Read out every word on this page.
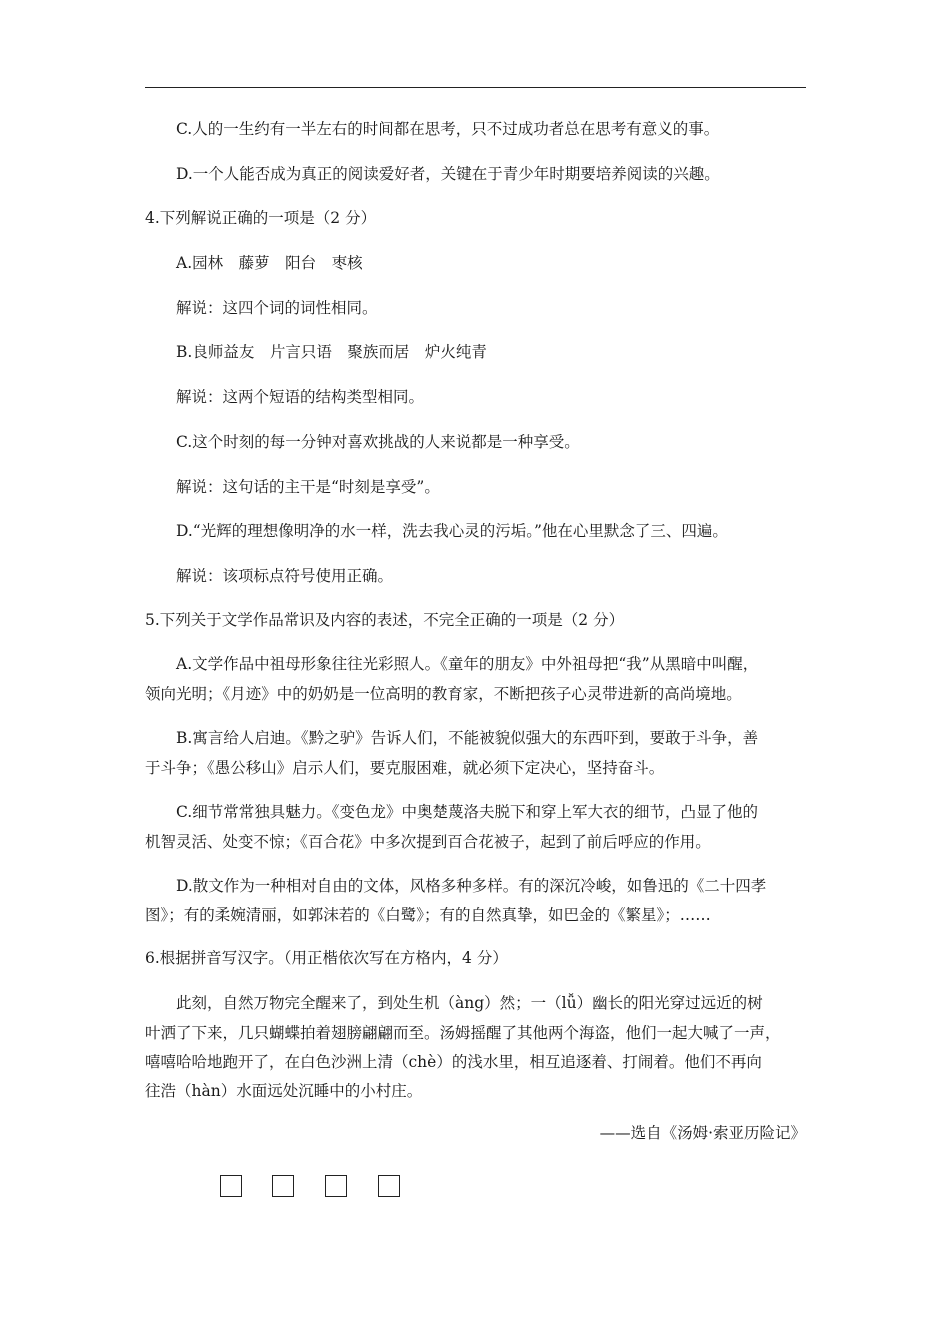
C.人的一生约有一半左右的时间都在思考，只不过成功者总在思考有意义的事。
D.一个人能否成为真正的阅读爱好者，关键在于青少年时期要培养阅读的兴趣。
4.下列解说正确的一项是（2 分）
A.园林　藤萝　阳台　枣核
解说：这四个词的词性相同。
B.良师益友　片言只语　聚族而居　炉火纯青
解说：这两个短语的结构类型相同。
C.这个时刻的每一分钟对喜欢挑战的人来说都是一种享受。
解说：这句话的主干是“时刻是享受”。
D.“光辉的理想像明净的水一样，洗去我心灵的污垢。”他在心里默念了三、四遍。
解说：该项标点符号使用正确。
5.下列关于文学作品常识及内容的表述，不完全正确的一项是（2 分）
A.文学作品中祖母形象往往光彩照人。《童年的朋友》中外祖母把“我”从黑暗中叫醒，
领向光明；《月迹》中的奶奶是一位高明的教育家，不断把孩子心灵带进新的高尚境地。
B.寓言给人启迪。《黔之驴》告诉人们，不能被貌似强大的东西吓到，要敢于斗争，善
于斗争；《愚公移山》启示人们，要克服困难，就必须下定决心，坚持奋斗。
C.细节常常独具魅力。《变色龙》中奥楚蔑洛夫脱下和穿上军大衣的细节，凸显了他的
机智灵活、处变不惊；《百合花》中多次提到百合花被子，起到了前后呼应的作用。
D.散文作为一种相对自由的文体，风格多种多样。有的深沉冷峻，如鲁迅的《二十四孝
图》；有的柔婉清丽，如郭沫若的《白鹭》；有的自然真挚，如巴金的《繁星》；……
6.根据拼音写汉字。（用正楷依次写在方格内，4 分）
此刻，自然万物完全醒来了，到处生机（àng）然；一（lǚ）幽长的阳光穿过远近的树
叶洒了下来，几只蝴蝶拍着翅膀翩翩而至。汤姆摇醒了其他两个海盗，他们一起大喊了一声，
嘻嘻哈哈地跑开了，在白色沙洲上清（chè）的浅水里，相互追逐着、打闹着。他们不再向
往浩（hàn）水面远处沉睡中的小村庄。
——选自《汤姆·索亚历险记》
